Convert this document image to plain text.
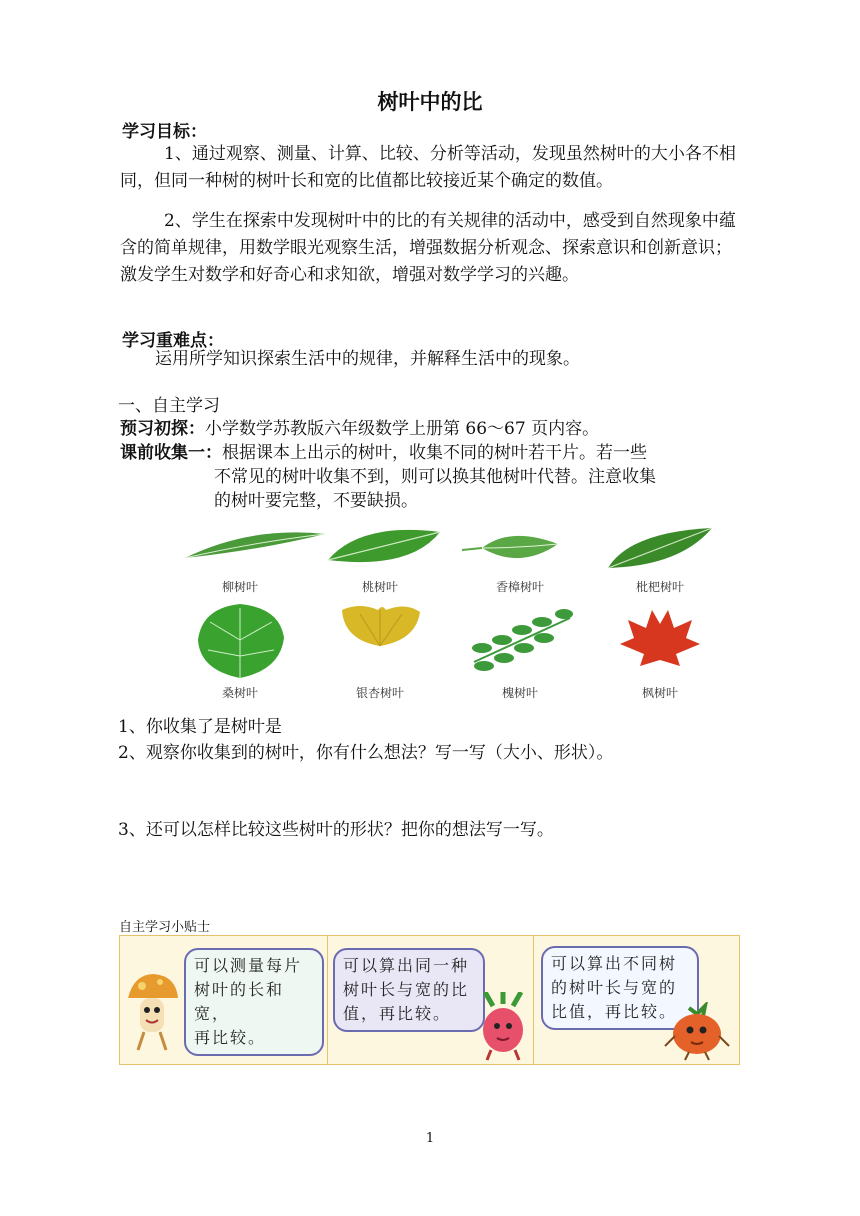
树叶中的比
学习目标：
1、通过观察、测量、计算、比较、分析等活动，发现虽然树叶的大小各不相同，但同一种树的树叶长和宽的比值都比较接近某个确定的数值。
2、学生在探索中发现树叶中的比的有关规律的活动中，感受到自然现象中蕴含的简单规律，用数学眼光观察生活，增强数据分析观念、探索意识和创新意识；激发学生对数学和好奇心和求知欲，增强对数学学习的兴趣。
学习重难点：
运用所学知识探索生活中的规律，并解释生活中的现象。
一、自主学习
预习初探：小学数学苏教版六年级数学上册第 66～67 页内容。
课前收集一：根据课本上出示的树叶，收集不同的树叶若干片。若一些
不常见的树叶收集不到，则可以换其他树叶代替。注意收集
的树叶要完整，不要缺损。
柳树叶	桃树叶	香樟树叶	枇杷树叶
桑树叶	银杏树叶	槐树叶	枫树叶
1、你收集了是树叶是
2、观察你收集到的树叶，你有什么想法？写一写（大小、形状）。
3、还可以怎样比较这些树叶的形状？把你的想法写一写。
自主学习小贴士
可以测量每片
树叶的长和宽，
再比较。
可以算出同一种
树叶长与宽的比
值，再比较。
可以算出不同树
的树叶长与宽的
比值，再比较。
1
